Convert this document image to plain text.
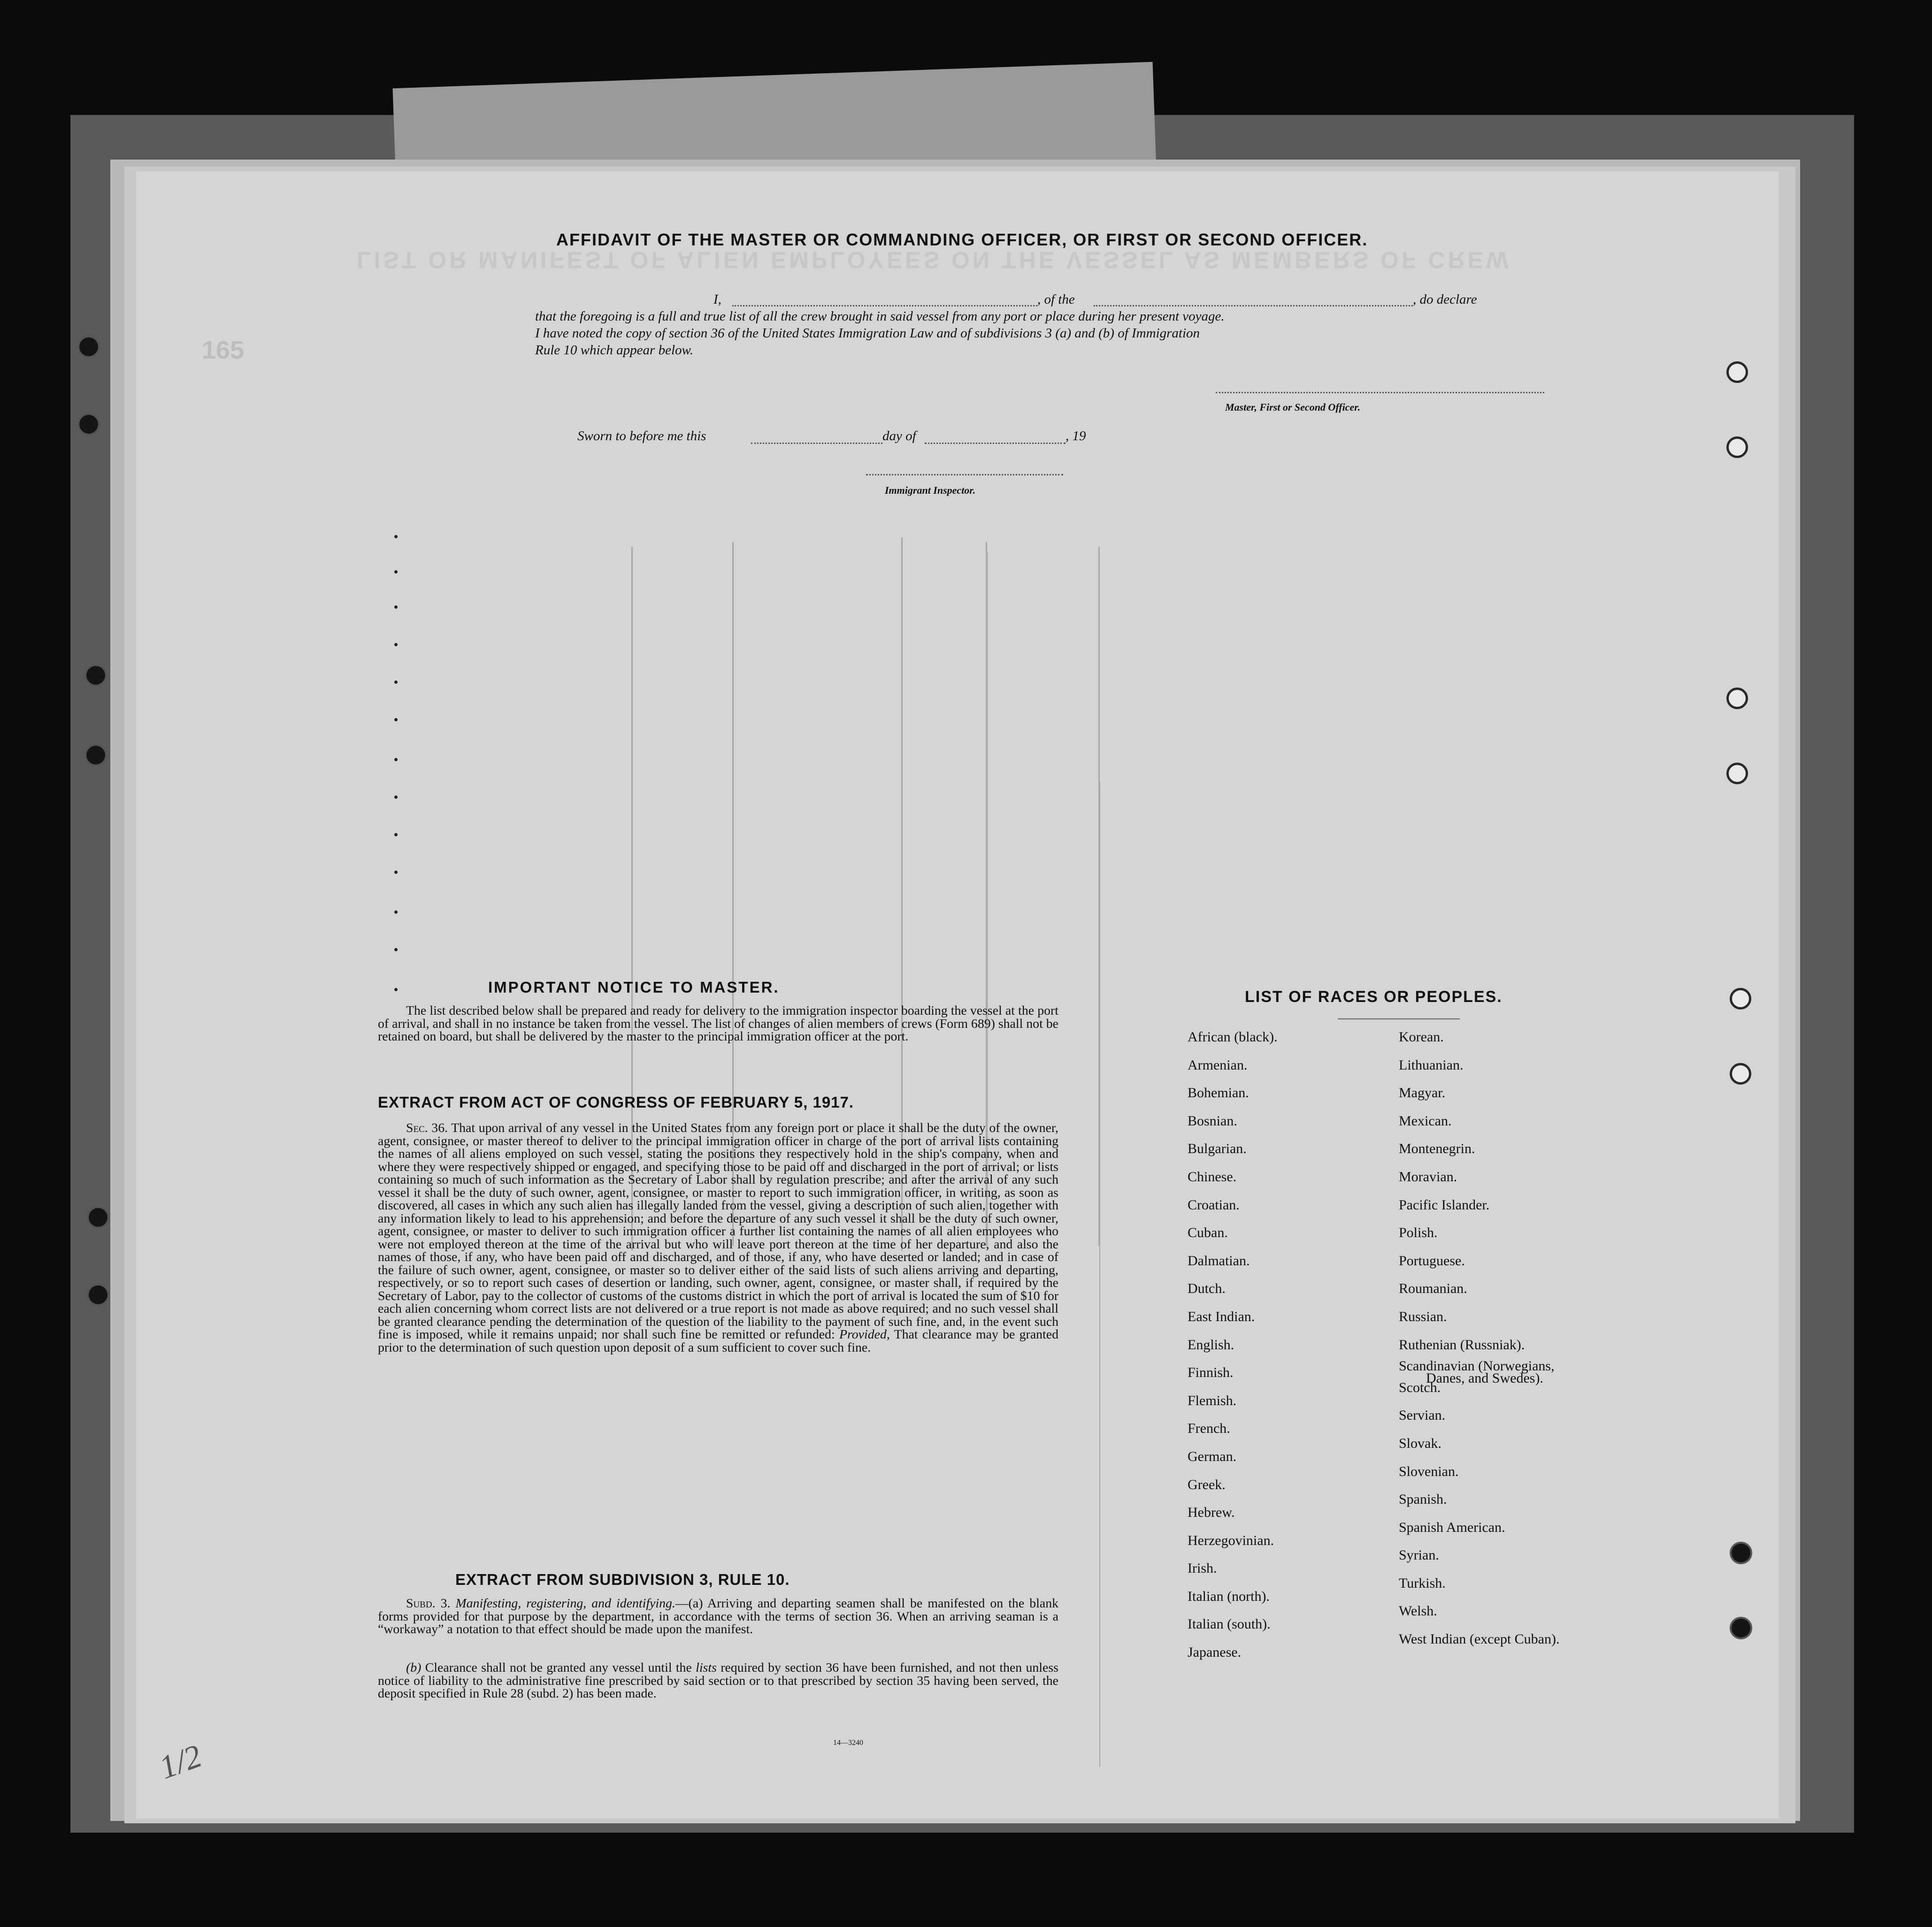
LIST OR MANIFEST OF ALIEN EMPLOYEES ON THE VESSEL AS MEMBERS OF CREW
165
AFFIDAVIT OF THE MASTER OR COMMANDING OFFICER, OR FIRST OR SECOND OFFICER.
I,	, of the	, do declare
that the foregoing is a full and true list of all the crew brought in said vessel from any port or place during her present voyage.
I have noted the copy of section 36 of the United States Immigration Law and of subdivisions 3 (a) and (b) of Immigration
Rule 10 which appear below.
Master, First or Second Officer.
Sworn to before me this	day of	, 19
Immigrant Inspector.
IMPORTANT NOTICE TO MASTER.
The list described below shall be prepared and ready for delivery to the immigration inspector boarding the vessel at the port of arrival, and shall in no instance be taken from the vessel. The list of changes of alien members of crews (Form 689) shall not be retained on board, but shall be delivered by the master to the principal immigration officer at the port.
EXTRACT FROM ACT OF CONGRESS OF FEBRUARY 5, 1917.
Sec. 36. That upon arrival of any vessel in the United States from any foreign port or place it shall be the duty of the owner, agent, consignee, or master thereof to deliver to the principal immigration officer in charge of the port of arrival lists containing the names of all aliens employed on such vessel, stating the positions they respectively hold in the ship's company, when and where they were respectively shipped or engaged, and specifying those to be paid off and discharged in the port of arrival; or lists containing so much of such information as the Secretary of Labor shall by regulation prescribe; and after the arrival of any such vessel it shall be the duty of such owner, agent, consignee, or master to report to such immigration officer, in writing, as soon as discovered, all cases in which any such alien has illegally landed from the vessel, giving a description of such alien, together with any information likely to lead to his apprehension; and before the departure of any such vessel it shall be the duty of such owner, agent, consignee, or master to deliver to such immigration officer a further list containing the names of all alien employees who were not employed thereon at the time of the arrival but who will leave port thereon at the time of her departure, and also the names of those, if any, who have been paid off and discharged, and of those, if any, who have deserted or landed; and in case of the failure of such owner, agent, consignee, or master so to deliver either of the said lists of such aliens arriving and departing, respectively, or so to report such cases of desertion or landing, such owner, agent, consignee, or master shall, if required by the Secretary of Labor, pay to the collector of customs of the customs district in which the port of arrival is located the sum of $10 for each alien concerning whom correct lists are not delivered or a true report is not made as above required; and no such vessel shall be granted clearance pending the determination of the question of the liability to the payment of such fine, and, in the event such fine is imposed, while it remains unpaid; nor shall such fine be remitted or refunded: Provided, That clearance may be granted prior to the determination of such question upon deposit of a sum sufficient to cover such fine.
EXTRACT FROM SUBDIVISION 3, RULE 10.
Subd. 3. Manifesting, registering, and identifying.—(a) Arriving and departing seamen shall be manifested on the blank forms provided for that purpose by the department, in accordance with the terms of section 36. When an arriving seaman is a “workaway” a notation to that effect should be made upon the manifest.
(b) Clearance shall not be granted any vessel until the lists required by section 36 have been furnished, and not then unless notice of liability to the administrative fine prescribed by said section or to that prescribed by section 35 having been served, the deposit specified in Rule 28 (subd. 2) has been made.
14—3240
LIST OF RACES OR PEOPLES.
African (black).
Armenian.
Bohemian.
Bosnian.
Bulgarian.
Chinese.
Croatian.
Cuban.
Dalmatian.
Dutch.
East Indian.
English.
Finnish.
Flemish.
French.
German.
Greek.
Hebrew.
Herzegovinian.
Irish.
Italian (north).
Italian (south).
Japanese.
Korean.
Lithuanian.
Magyar.
Mexican.
Montenegrin.
Moravian.
Pacific Islander.
Polish.
Portuguese.
Roumanian.
Russian.
Ruthenian (Russniak).
Scandinavian (Norwegians,
Danes, and Swedes).
Scotch.
Servian.
Slovak.
Slovenian.
Spanish.
Spanish American.
Syrian.
Turkish.
Welsh.
West Indian (except Cuban).
1/2
